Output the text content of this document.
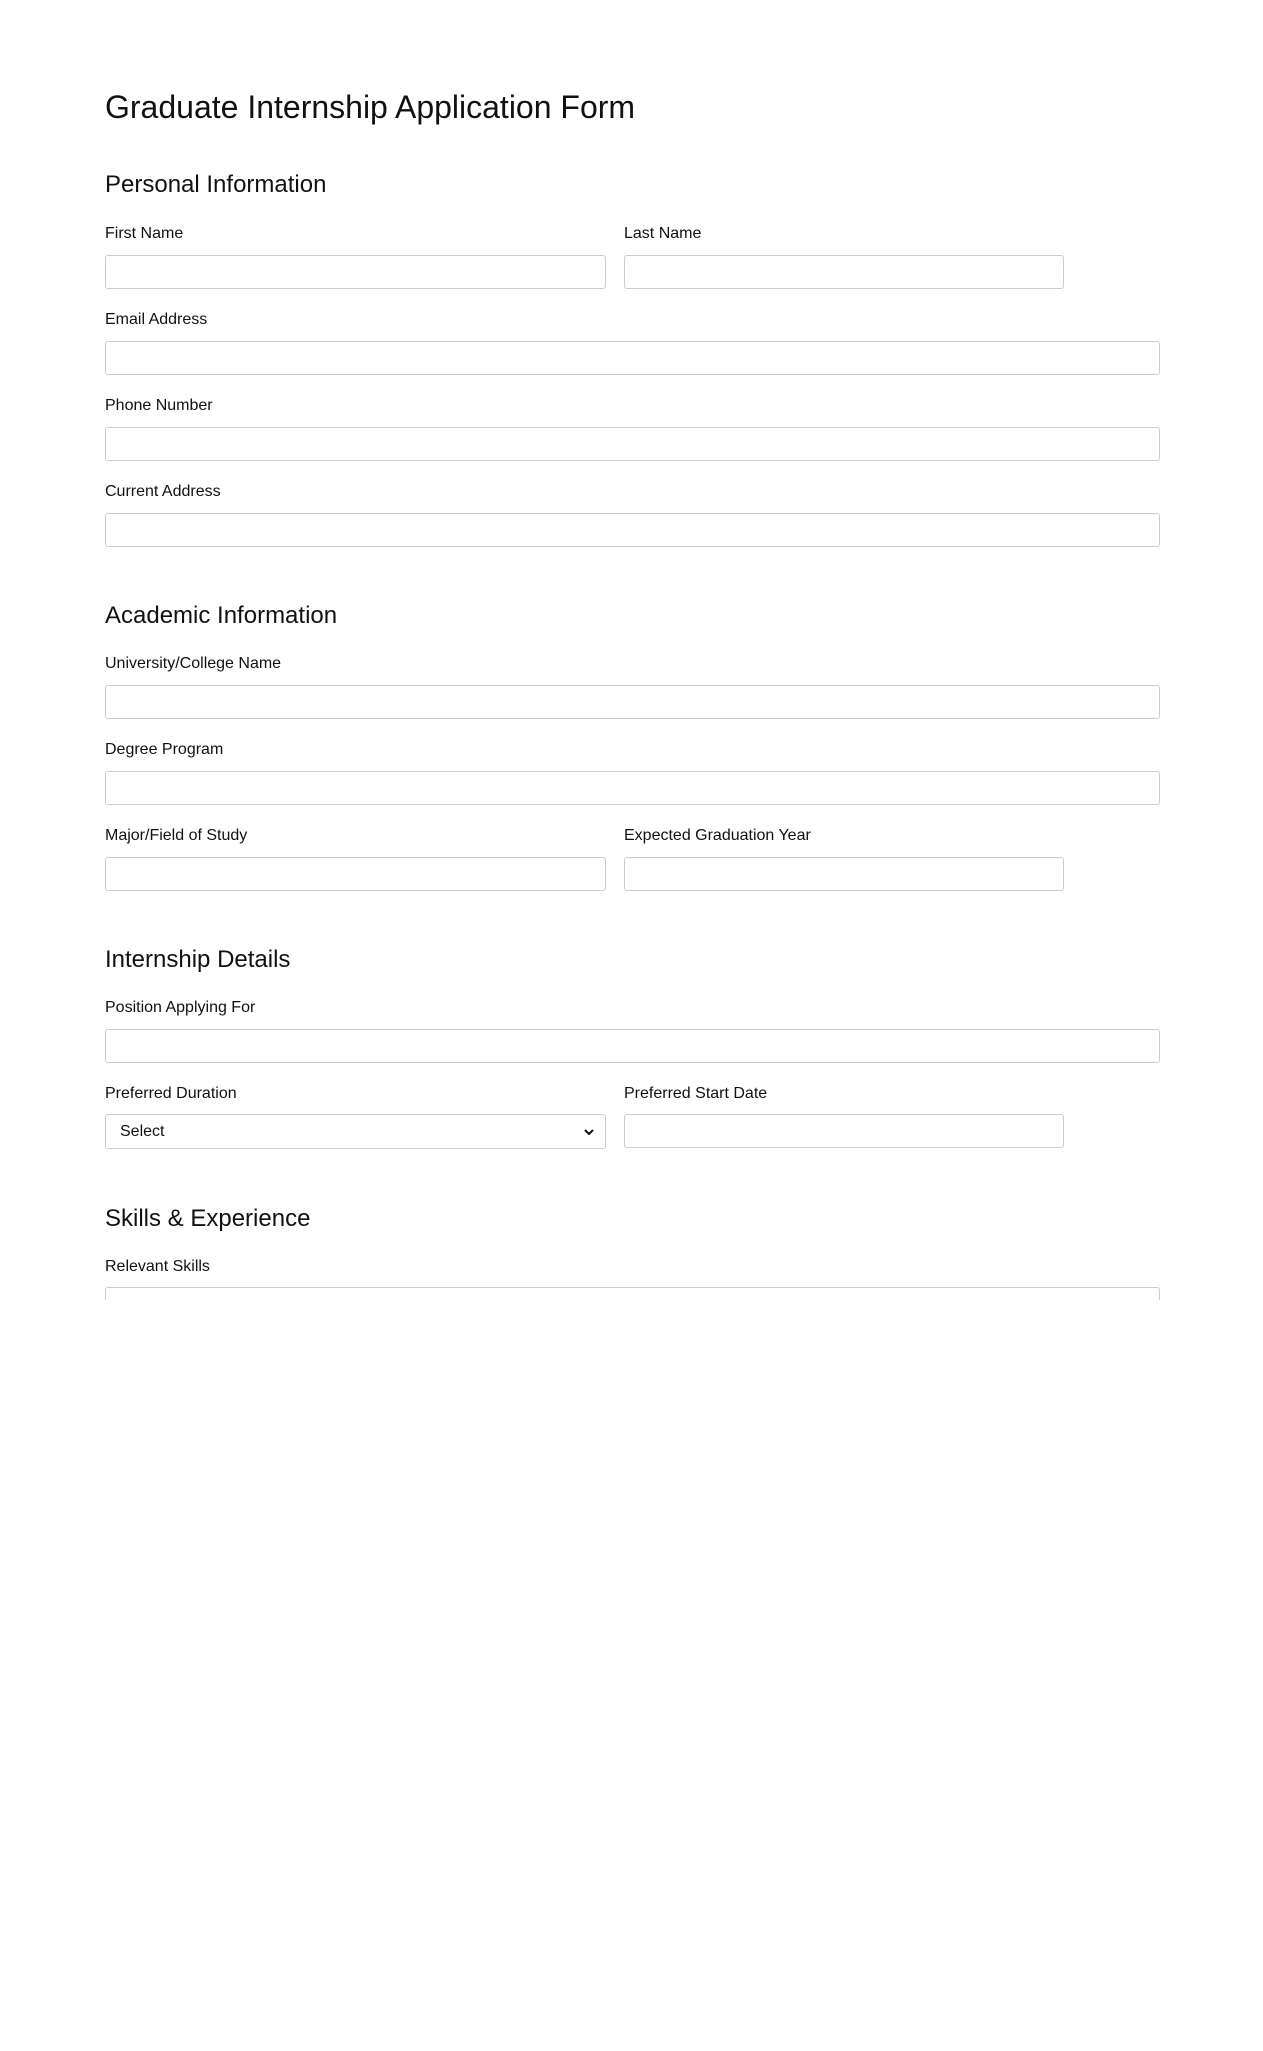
Graduate Internship Application Form
Personal Information
First Name	Last Name
Email Address
Phone Number
Current Address
Academic Information
University/College Name
Degree Program
Major/Field of Study	Expected Graduation Year
Internship Details
Position Applying For
Preferred Duration
Select
Preferred Start Date
Skills & Experience
Relevant Skills
